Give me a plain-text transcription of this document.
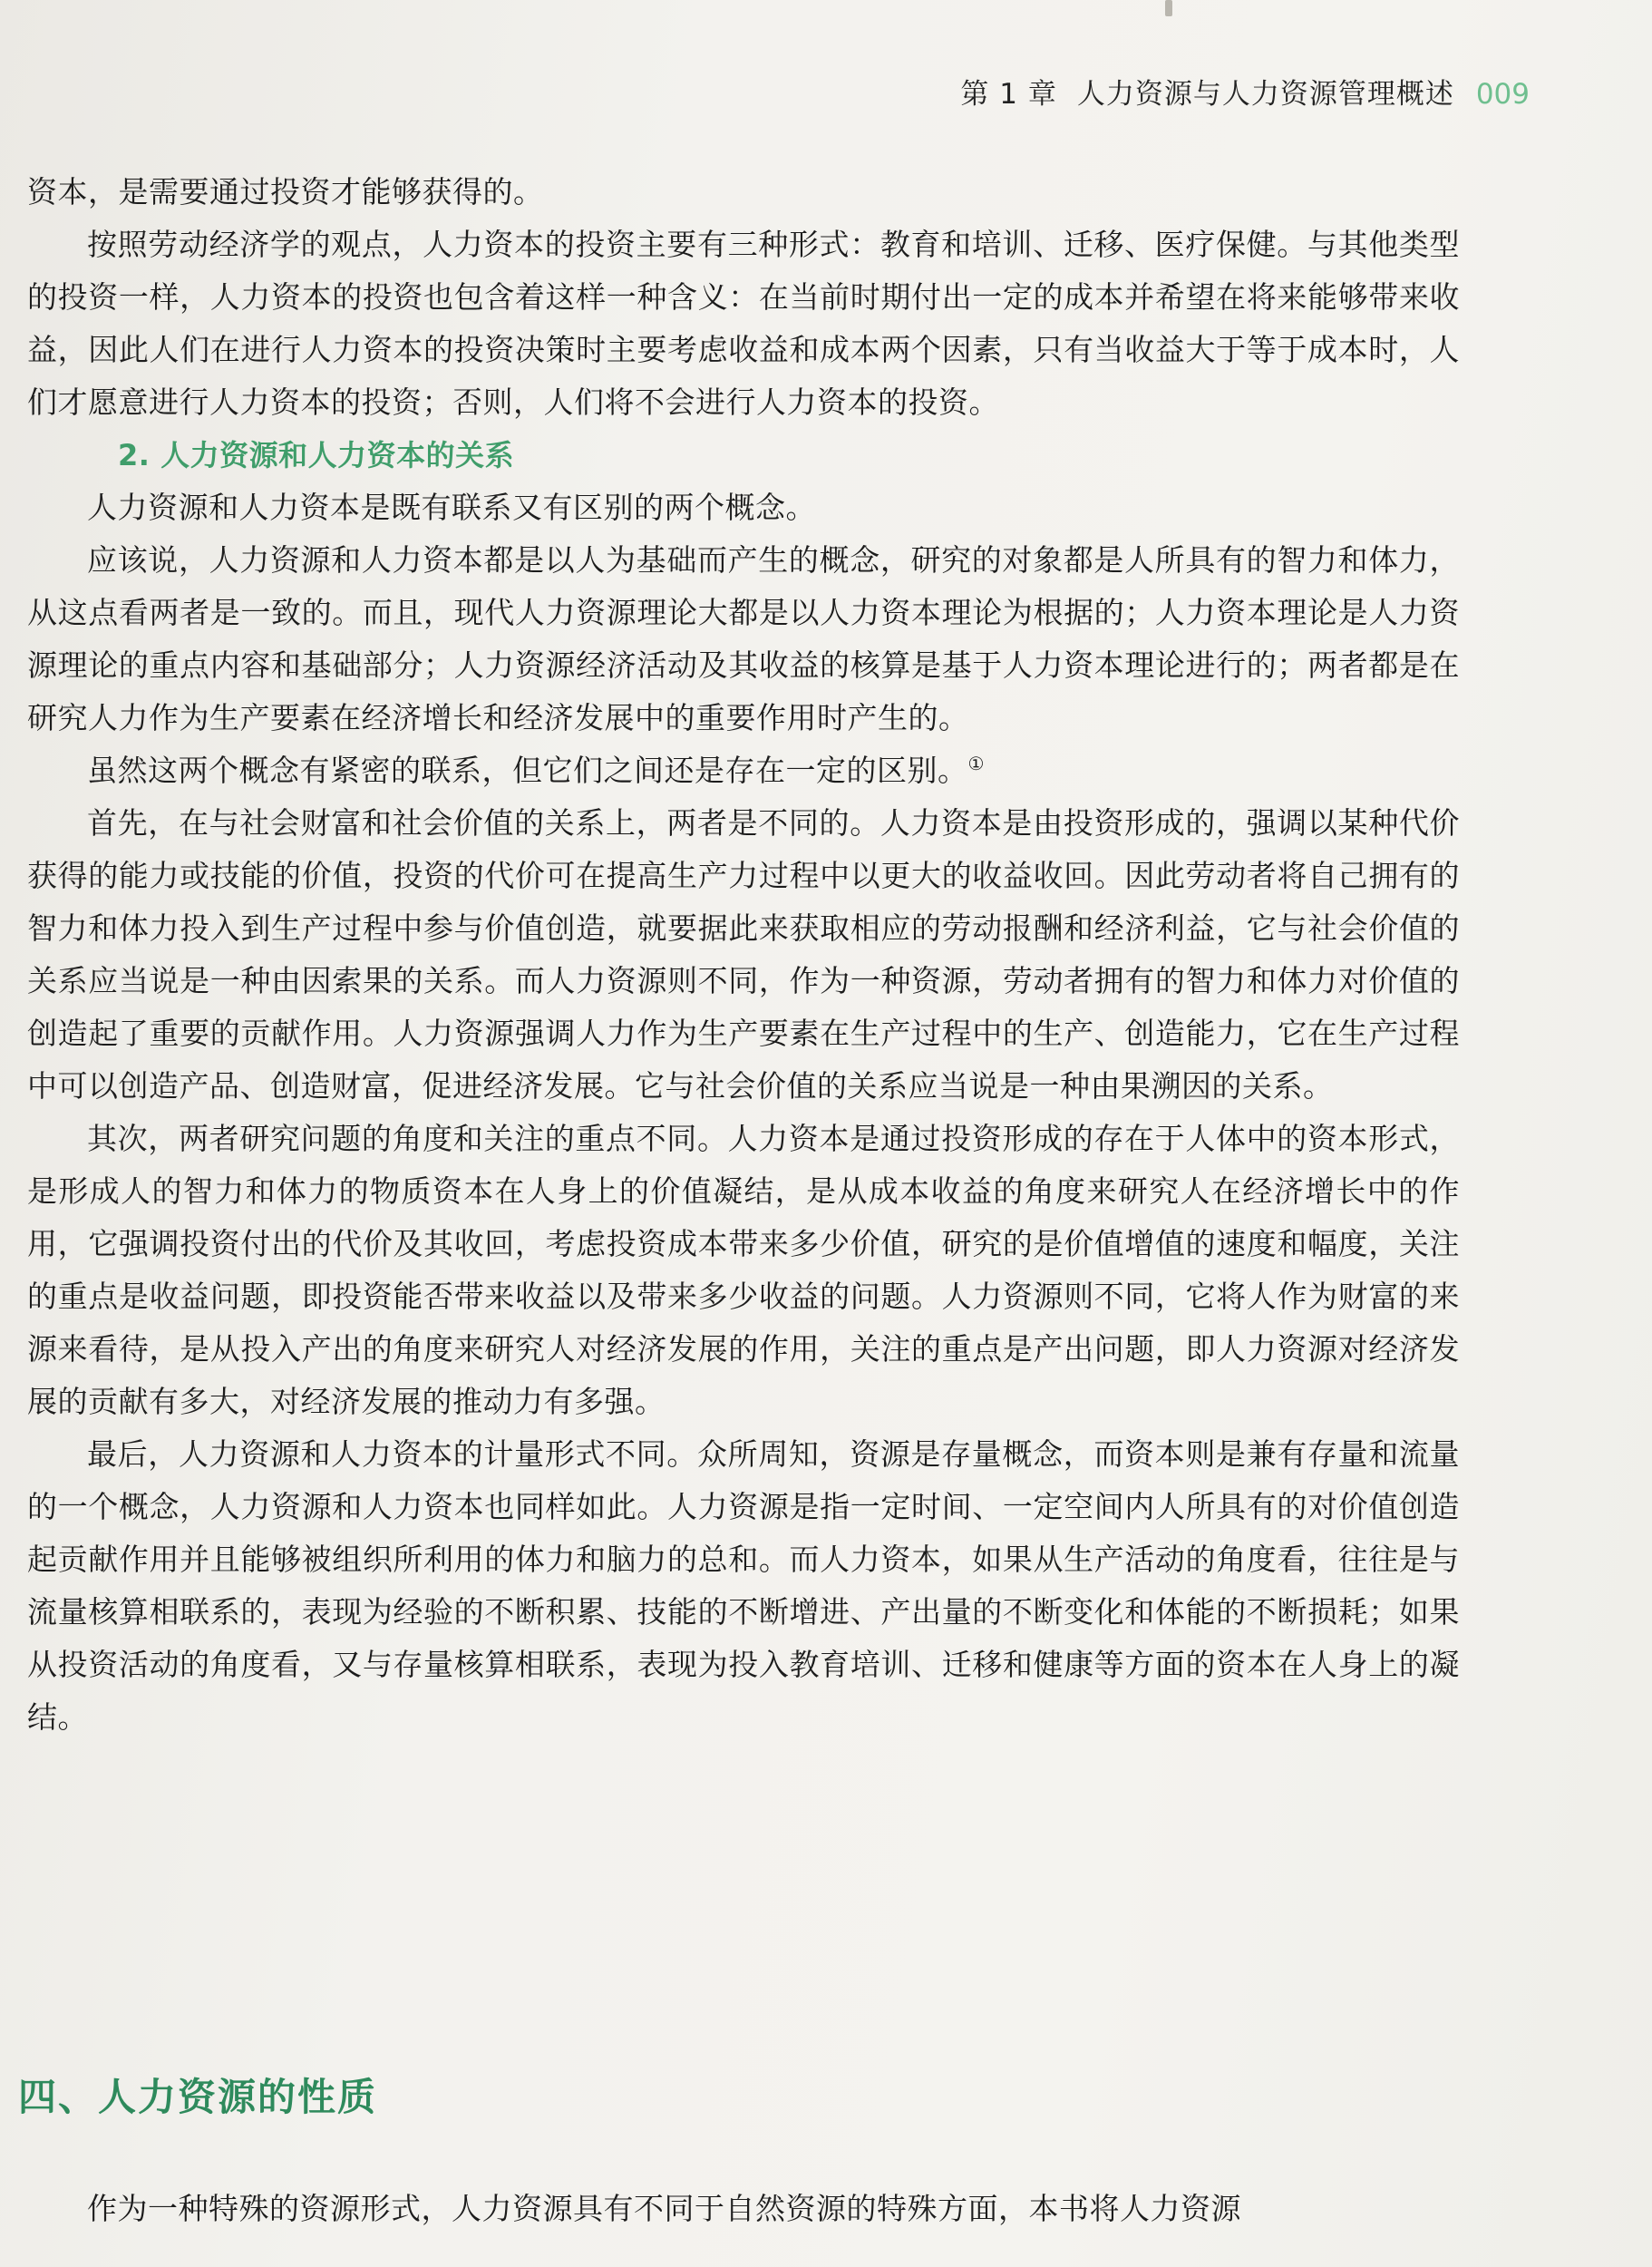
第 1 章 人力资源与人力资源管理概述 009

资本，是需要通过投资才能够获得的。

按照劳动经济学的观点，人力资本的投资主要有三种形式：教育和培训、迁移、医疗保健。与其他类型的投资一样，人力资本的投资也包含着这样一种含义：在当前时期付出一定的成本并希望在将来能够带来收益，因此人们在进行人力资本的投资决策时主要考虑收益和成本两个因素，只有当收益大于等于成本时，人们才愿意进行人力资本的投资；否则，人们将不会进行人力资本的投资。

2. 人力资源和人力资本的关系

人力资源和人力资本是既有联系又有区别的两个概念。

应该说，人力资源和人力资本都是以人为基础而产生的概念，研究的对象都是人所具有的智力和体力，从这点看两者是一致的。而且，现代人力资源理论大都是以人力资本理论为根据的；人力资本理论是人力资源理论的重点内容和基础部分；人力资源经济活动及其收益的核算是基于人力资本理论进行的；两者都是在研究人力作为生产要素在经济增长和经济发展中的重要作用时产生的。

虽然这两个概念有紧密的联系，但它们之间还是存在一定的区别。①

首先，在与社会财富和社会价值的关系上，两者是不同的。人力资本是由投资形成的，强调以某种代价获得的能力或技能的价值，投资的代价可在提高生产力过程中以更大的收益收回。因此劳动者将自己拥有的智力和体力投入到生产过程中参与价值创造，就要据此来获取相应的劳动报酬和经济利益，它与社会价值的关系应当说是一种由因索果的关系。而人力资源则不同，作为一种资源，劳动者拥有的智力和体力对价值的创造起了重要的贡献作用。人力资源强调人力作为生产要素在生产过程中的生产、创造能力，它在生产过程中可以创造产品、创造财富，促进经济发展。它与社会价值的关系应当说是一种由果溯因的关系。

其次，两者研究问题的角度和关注的重点不同。人力资本是通过投资形成的存在于人体中的资本形式，是形成人的智力和体力的物质资本在人身上的价值凝结，是从成本收益的角度来研究人在经济增长中的作用，它强调投资付出的代价及其收回，考虑投资成本带来多少价值，研究的是价值增值的速度和幅度，关注的重点是收益问题，即投资能否带来收益以及带来多少收益的问题。人力资源则不同，它将人作为财富的来源来看待，是从投入产出的角度来研究人对经济发展的作用，关注的重点是产出问题，即人力资源对经济发展的贡献有多大，对经济发展的推动力有多强。

最后，人力资源和人力资本的计量形式不同。众所周知，资源是存量概念，而资本则是兼有存量和流量的一个概念，人力资源和人力资本也同样如此。人力资源是指一定时间、一定空间内人所具有的对价值创造起贡献作用并且能够被组织所利用的体力和脑力的总和。而人力资本，如果从生产活动的角度看，往往是与流量核算相联系的，表现为经验的不断积累、技能的不断增进、产出量的不断变化和体能的不断损耗；如果从投资活动的角度看，又与存量核算相联系，表现为投入教育培训、迁移和健康等方面的资本在人身上的凝结。

四、人力资源的性质

作为一种特殊的资源形式，人力资源具有不同于自然资源的特殊方面，本书将人力资源
